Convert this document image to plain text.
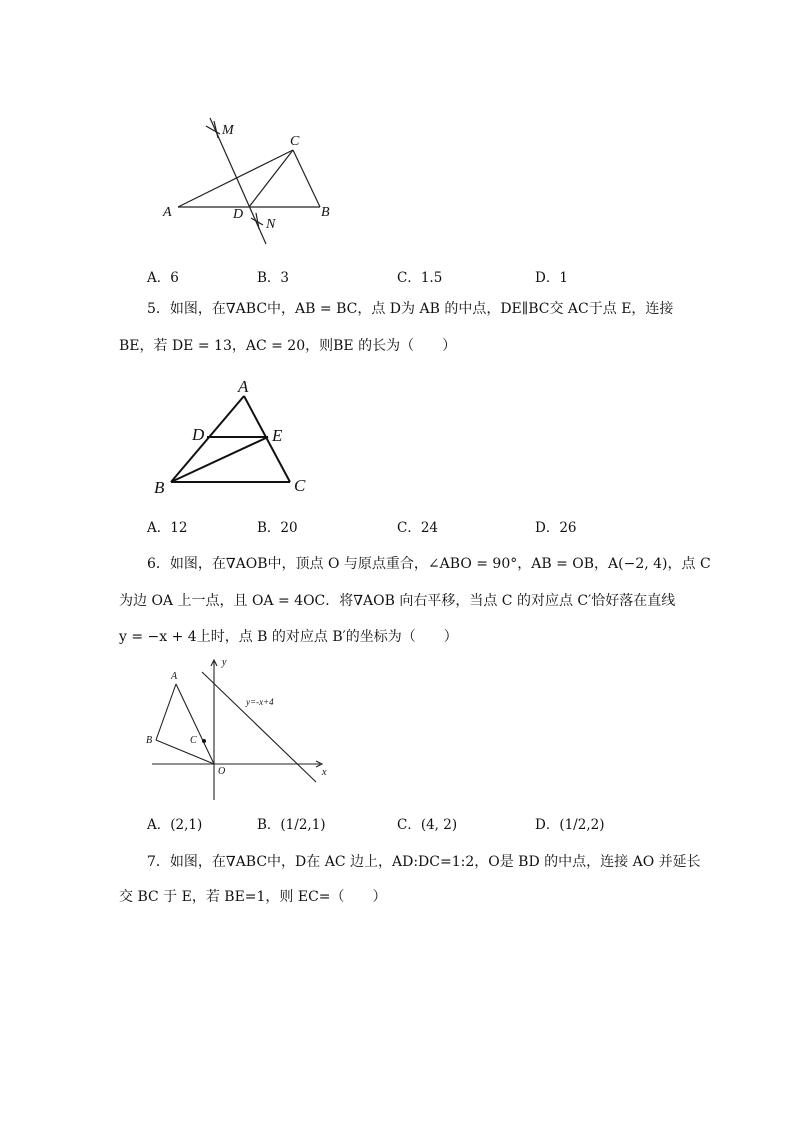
A	B
C
D
M
N
A．6	B．3	C．1.5	D．1
5．如图，在∇ABC中，AB = BC，点 D为 AB 的中点，DE∥BC交 AC于点 E，连接
BE，若 DE = 13，AC = 20，则BE 的长为（　　）
A
B	C
D	E
A．12	B．20	C．24	D．26
6．如图，在∇AOB中，顶点 O 与原点重合，∠ABO = 90°，AB = OB，A(−2, 4)，点 C
为边 OA 上一点，且 OA = 4OC．将∇AOB 向右平移，当点 C 的对应点 C′恰好落在直线
y = −x + 4上时，点 B 的对应点 B′的坐标为（　　）
A
B	C
O	x
y
y=-x+4
A．(2,1)	B．(1/2,1)	C．(4, 2)	D．(1/2,2)
7．如图，在∇ABC中，D在 AC 边上，AD:DC=1:2，O是 BD 的中点，连接 AO 并延长
交 BC 于 E，若 BE=1，则 EC=（　　）
